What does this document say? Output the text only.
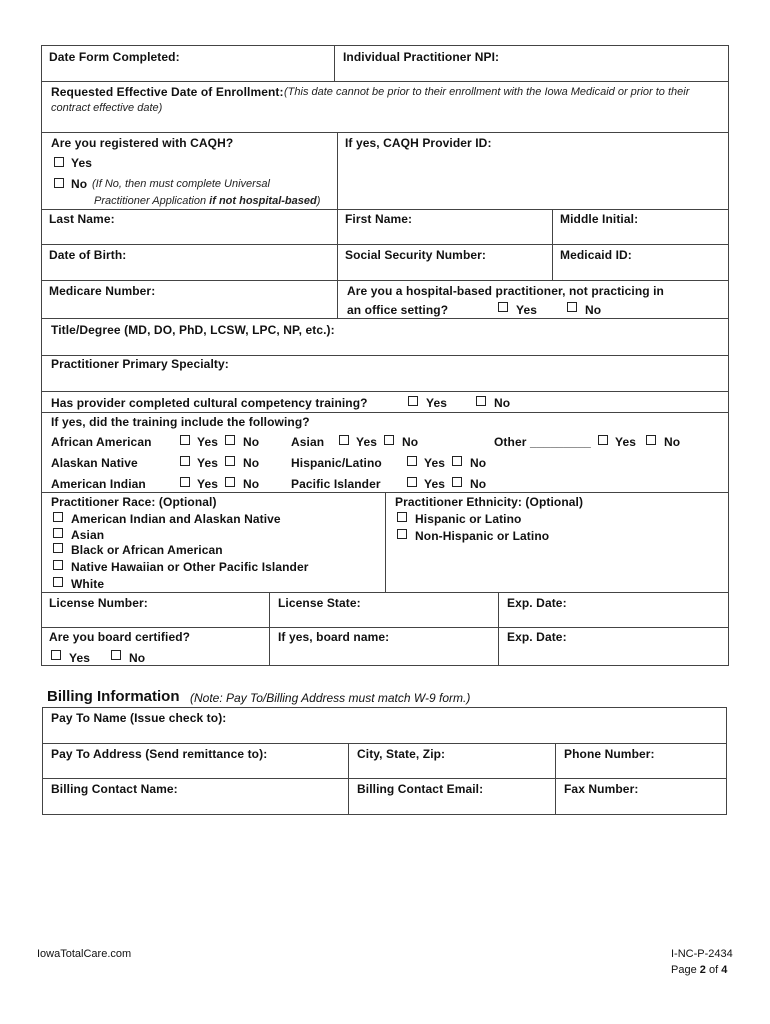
Date Form Completed:	Individual Practitioner NPI:
Requested Effective Date of Enrollment: (This date cannot be prior to their enrollment with the Iowa Medicaid or prior to their
contract effective date)
Are you registered with CAQH?
Yes
No (If No, then must complete Universal
Practitioner Application if not hospital-based)
If yes, CAQH Provider ID:
Last Name:	First Name:	Middle Initial:
Date of Birth:	Social Security Number:	Medicaid ID:
Medicare Number:	Are you a hospital-based practitioner, not practicing in
an office setting?	Yes	No
Title/Degree (MD, DO, PhD, LCSW, LPC, NP, etc.):
Practitioner Primary Specialty:
Has provider completed cultural competency training?	Yes	No
If yes, did the training include the following?
African American	Yes No	Asian	Yes No	Other _________ Yes No
Alaskan Native	Yes No	Hispanic/Latino	Yes No
American Indian	Yes No	Pacific Islander	Yes No
Practitioner Race: (Optional)
American Indian and Alaskan Native
Asian
Black or African American
Native Hawaiian or Other Pacific Islander
White
Practitioner Ethnicity: (Optional)
Hispanic or Latino
Non-Hispanic or Latino
License Number:	License State:	Exp. Date:
Are you board certified?
Yes	No
If yes, board name:	Exp. Date:
Billing Information (Note: Pay To/Billing Address must match W-9 form.)
Pay To Name (Issue check to):
Pay To Address (Send remittance to):	City, State, Zip:	Phone Number:
Billing Contact Name:	Billing Contact Email:	Fax Number:
IowaTotalCare.com	I-NC-P-2434
Page 2 of 4
